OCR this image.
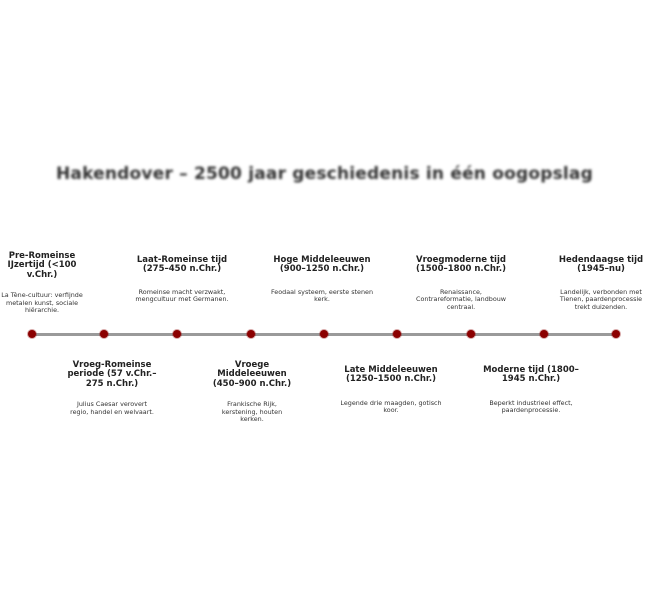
Hakendover – 2500 jaar geschiedenis in één oogopslag
Pre-Romeinse IJzertijd (<100 v.Chr.)
La Tène-cultuur: verfijnde metalen kunst, sociale hiërarchie.
Laat-Romeinse tijd (275–450 n.Chr.)
Romeinse macht verzwakt, mengcultuur met Germanen.
Hoge Middeleeuwen (900–1250 n.Chr.)
Feodaal systeem, eerste stenen kerk.
Vroegmoderne tijd (1500–1800 n.Chr.)
Renaissance, Contrareformatie, landbouw centraal.
Hedendaagse tijd (1945–nu)
Landelijk, verbonden met Tienen, paardenprocessie trekt duizenden.
Vroeg-Romeinse periode (57 v.Chr.–275 n.Chr.)
Julius Caesar verovert regio, handel en welvaart.
Vroege Middeleeuwen (450–900 n.Chr.)
Frankische Rijk, kerstening, houten kerken.
Late Middeleeuwen (1250–1500 n.Chr.)
Legende drie maagden, gotisch koor.
Moderne tijd (1800–1945 n.Chr.)
Beperkt industrieel effect, paardenprocessie.
